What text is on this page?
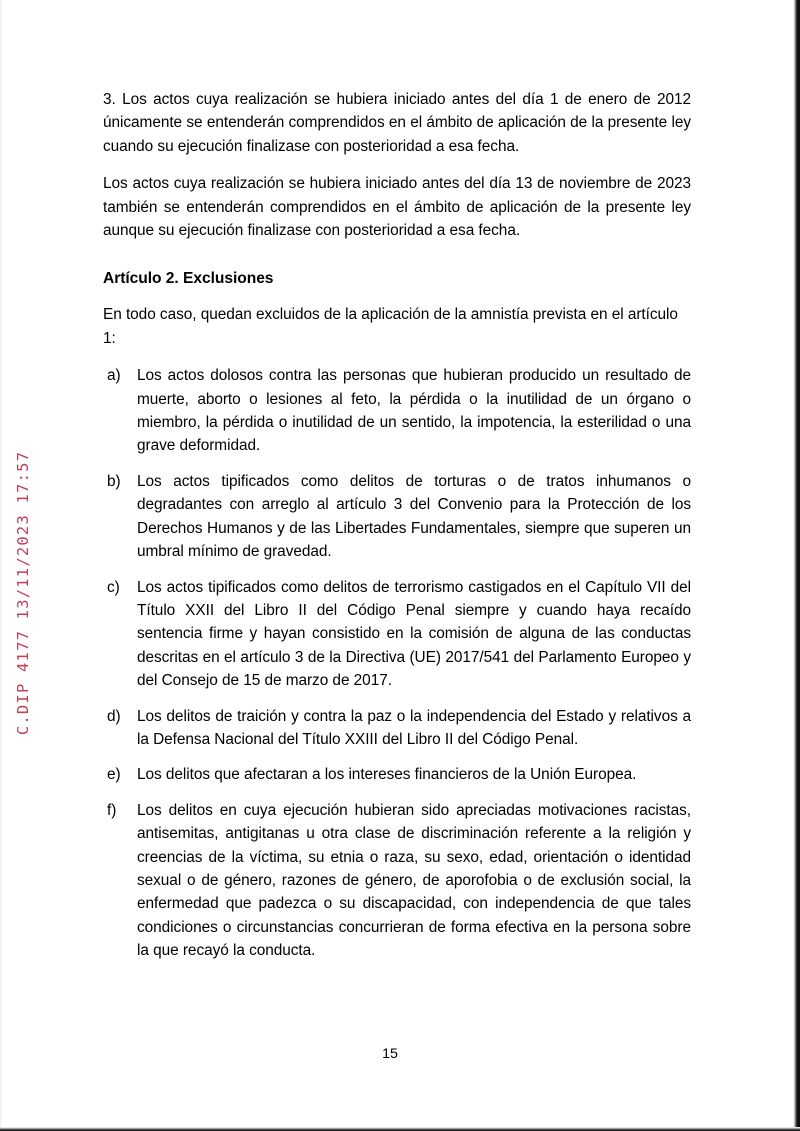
C.DIP 4177 13/11/2023 17:57

3. Los actos cuya realización se hubiera iniciado antes del día 1 de enero de 2012 únicamente se entenderán comprendidos en el ámbito de aplicación de la presente ley cuando su ejecución finalizase con posterioridad a esa fecha.

Los actos cuya realización se hubiera iniciado antes del día 13 de noviembre de 2023 también se entenderán comprendidos en el ámbito de aplicación de la presente ley aunque su ejecución finalizase con posterioridad a esa fecha.

Artículo 2. Exclusiones

En todo caso, quedan excluidos de la aplicación de la amnistía prevista en el artículo 1:

a)	Los actos dolosos contra las personas que hubieran producido un resultado de muerte, aborto o lesiones al feto, la pérdida o la inutilidad de un órgano o miembro, la pérdida o inutilidad de un sentido, la impotencia, la esterilidad o una grave deformidad.
b)	Los actos tipificados como delitos de torturas o de tratos inhumanos o degradantes con arreglo al artículo 3 del Convenio para la Protección de los Derechos Humanos y de las Libertades Fundamentales, siempre que superen un umbral mínimo de gravedad.
c)	Los actos tipificados como delitos de terrorismo castigados en el Capítulo VII del Título XXII del Libro II del Código Penal siempre y cuando haya recaído sentencia firme y hayan consistido en la comisión de alguna de las conductas descritas en el artículo 3 de la Directiva (UE) 2017/541 del Parlamento Europeo y del Consejo de 15 de marzo de 2017.
d)	Los delitos de traición y contra la paz o la independencia del Estado y relativos a la Defensa Nacional del Título XXIII del Libro II del Código Penal.
e)	Los delitos que afectaran a los intereses financieros de la Unión Europea.
f)	Los delitos en cuya ejecución hubieran sido apreciadas motivaciones racistas, antisemitas, antigitanas u otra clase de discriminación referente a la religión y creencias de la víctima, su etnia o raza, su sexo, edad, orientación o identidad sexual o de género, razones de género, de aporofobia o de exclusión social, la enfermedad que padezca o su discapacidad, con independencia de que tales condiciones o circunstancias concurrieran de forma efectiva en la persona sobre la que recayó la conducta.
15
